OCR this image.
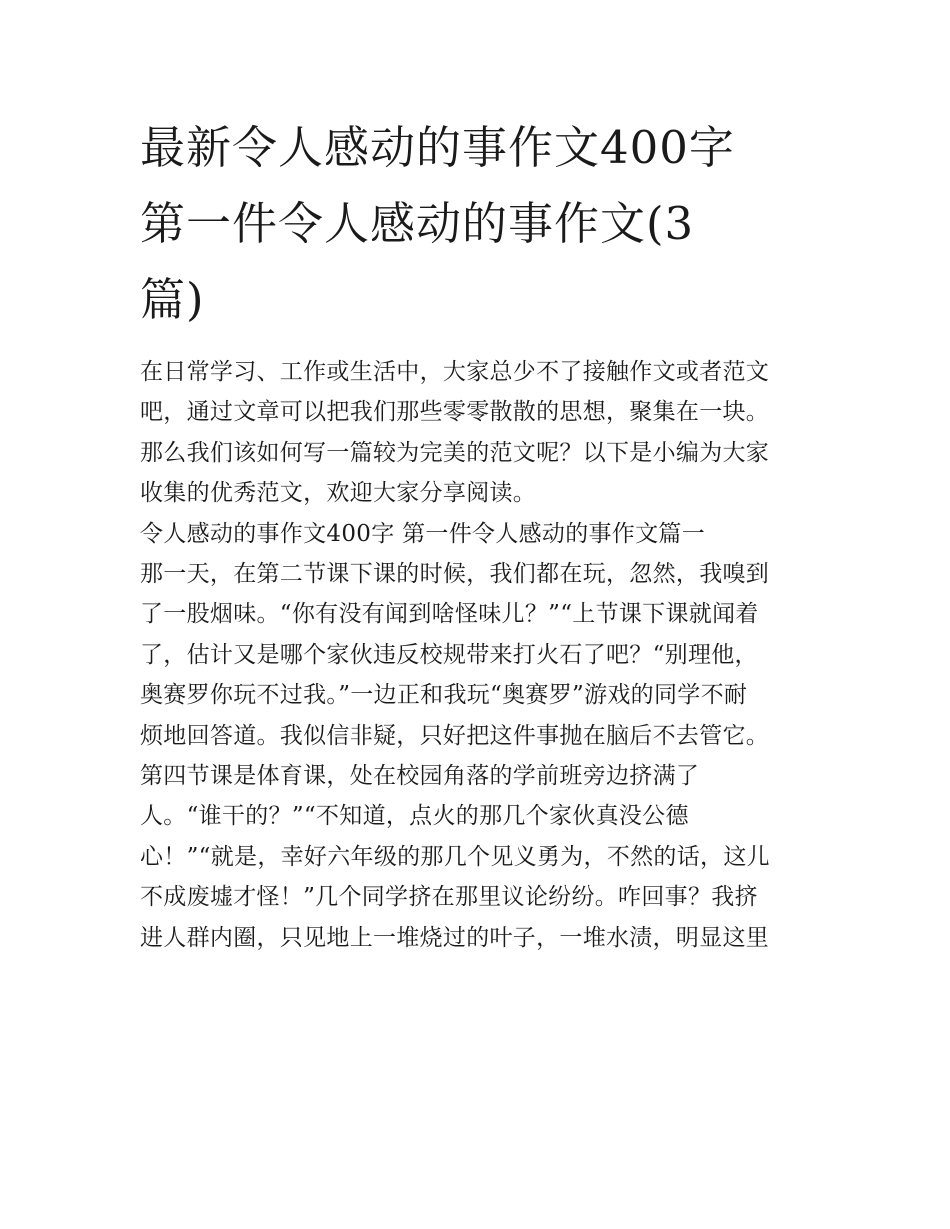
最新令人感动的事作文400字
第一件令人感动的事作文(3
篇)
在日常学习、工作或生活中，大家总少不了接触作文或者范文
吧，通过文章可以把我们那些零零散散的思想，聚集在一块。
那么我们该如何写一篇较为完美的范文呢？以下是小编为大家
收集的优秀范文，欢迎大家分享阅读。
令人感动的事作文400字 第一件令人感动的事作文篇一
那一天，在第二节课下课的时候，我们都在玩，忽然，我嗅到
了一股烟味。“你有没有闻到啥怪味儿？”“上节课下课就闻着
了，估计又是哪个家伙违反校规带来打火石了吧？“别理他，
奥赛罗你玩不过我。”一边正和我玩“奥赛罗”游戏的同学不耐
烦地回答道。我似信非疑，只好把这件事抛在脑后不去管它。
第四节课是体育课，处在校园角落的学前班旁边挤满了
人。“谁干的？”“不知道，点火的那几个家伙真没公德
心！”“就是，幸好六年级的那几个见义勇为，不然的话，这儿
不成废墟才怪！”几个同学挤在那里议论纷纷。咋回事？我挤
进人群内圈，只见地上一堆烧过的叶子，一堆水渍，明显这里
